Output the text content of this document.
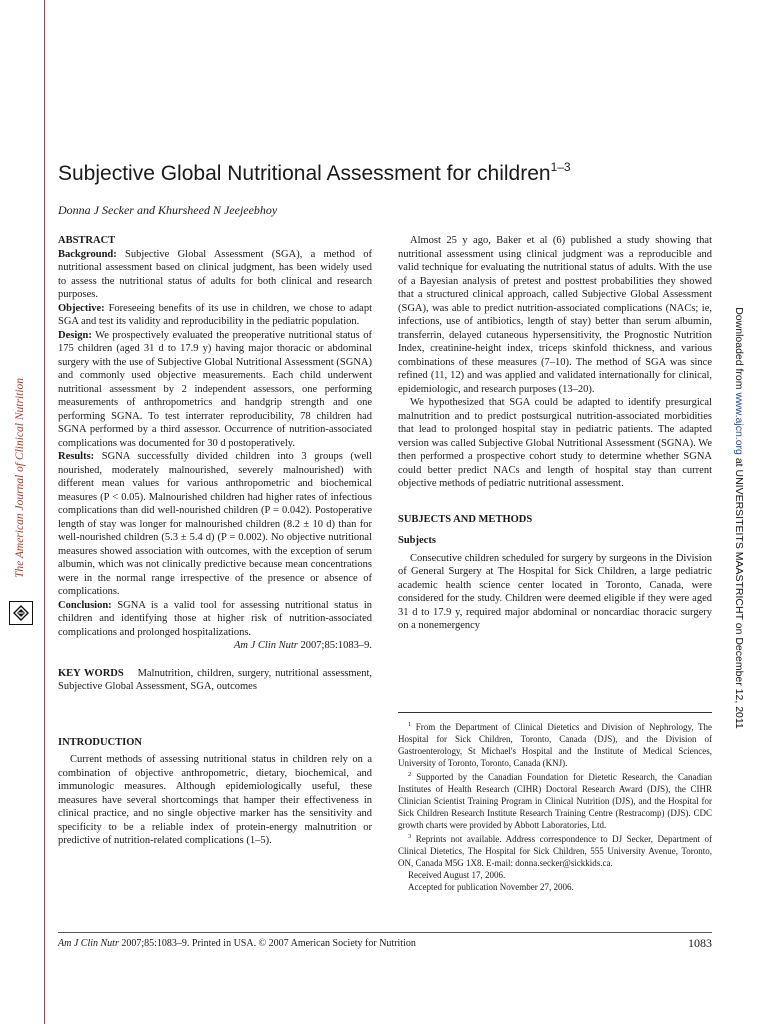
The American Journal of Clinical Nutrition
Downloaded from www.ajcn.org at UNIVERSITEITS MAASTRICHT on December 12, 2011
Subjective Global Nutritional Assessment for children$^{1-3}$
Donna J Secker and Khursheed N Jeejeebhoy

ABSTRACT

Background: Subjective Global Assessment (SGA), a method of nutritional assessment based on clinical judgment, has been widely used to assess the nutritional status of adults for both clinical and research purposes.

Objective: Foreseeing benefits of its use in children, we chose to adapt SGA and test its validity and reproducibility in the pediatric population.

Design: We prospectively evaluated the preoperative nutritional status of 175 children (aged 31 d to 17.9 y) having major thoracic or abdominal surgery with the use of Subjective Global Nutritional Assessment (SGNA) and commonly used objective measurements. Each child underwent nutritional assessment by 2 independent assessors, one performing measurements of anthropometrics and handgrip strength and one performing SGNA. To test interrater reproducibility, 78 children had SGNA performed by a third assessor. Occurrence of nutrition-associated complications was documented for 30 d postoperatively.

Results: SGNA successfully divided children into 3 groups (well nourished, moderately malnourished, severely malnourished) with different mean values for various anthropometric and biochemical measures (P < 0.05). Malnourished children had higher rates of infectious complications than did well-nourished children (P = 0.042). Postoperative length of stay was longer for malnourished children (8.2 ± 10 d) than for well-nourished children (5.3 ± 5.4 d) (P = 0.002). No objective nutritional measures showed association with outcomes, with the exception of serum albumin, which was not clinically predictive because mean concentrations were in the normal range irrespective of the presence or absence of complications.

Conclusion: SGNA is a valid tool for assessing nutritional status in children and identifying those at higher risk of nutrition-associated complications and prolonged hospitalizations.

Am J Clin Nutr 2007;85:1083–9.

KEY WORDS Malnutrition, children, surgery, nutritional assessment, Subjective Global Assessment, SGA, outcomes

INTRODUCTION

Current methods of assessing nutritional status in children rely on a combination of objective anthropometric, dietary, biochemical, and immunologic measures. Although epidemiologically useful, these measures have several shortcomings that hamper their effectiveness in clinical practice, and no single objective marker has the sensitivity and specificity to be a reliable index of protein-energy malnutrition or predictive of nutrition-related complications (1–5).

Almost 25 y ago, Baker et al (6) published a study showing that nutritional assessment using clinical judgment was a reproducible and valid technique for evaluating the nutritional status of adults. With the use of a Bayesian analysis of pretest and posttest probabilities they showed that a structured clinical approach, called Subjective Global Assessment (SGA), was able to predict nutrition-associated complications (NACs; ie, infections, use of antibiotics, length of stay) better than serum albumin, transferrin, delayed cutaneous hypersensitivity, the Prognostic Nutrition Index, creatinine-height index, triceps skinfold thickness, and various combinations of these measures (7–10). The method of SGA was since refined (11, 12) and was applied and validated internationally for clinical, epidemiologic, and research purposes (13–20).

We hypothesized that SGA could be adapted to identify presurgical malnutrition and to predict postsurgical nutrition-associated morbidities that lead to prolonged hospital stay in pediatric patients. The adapted version was called Subjective Global Nutritional Assessment (SGNA). We then performed a prospective cohort study to determine whether SGNA could better predict NACs and length of hospital stay than current objective methods of pediatric nutritional assessment.

SUBJECTS AND METHODS

Subjects

Consecutive children scheduled for surgery by surgeons in the Division of General Surgery at The Hospital for Sick Children, a large pediatric academic health science center located in Toronto, Canada, were considered for the study. Children were deemed eligible if they were aged 31 d to 17.9 y, required major abdominal or noncardiac thoracic surgery on a nonemergency

$^1$ From the Department of Clinical Dietetics and Division of Nephrology, The Hospital for Sick Children, Toronto, Canada (DJS), and the Division of Gastroenterology, St Michael's Hospital and the Institute of Medical Sciences, University of Toronto, Toronto, Canada (KNJ).

$^2$ Supported by the Canadian Foundation for Dietetic Research, the Canadian Institutes of Health Research (CIHR) Doctoral Research Award (DJS), the CIHR Clinician Scientist Training Program in Clinical Nutrition (DJS), and the Hospital for Sick Children Research Institute Research Training Centre (Restracomp) (DJS). CDC growth charts were provided by Abbott Laboratories, Ltd.

$^3$ Reprints not available. Address correspondence to DJ Secker, Department of Clinical Dietetics, The Hospital for Sick Children, 555 University Avenue, Toronto, ON, Canada M5G 1X8. E-mail: donna.secker@sickkids.ca.

Received August 17, 2006.

Accepted for publication November 27, 2006.

Am J Clin Nutr 2007;85:1083–9. Printed in USA. © 2007 American Society for Nutrition	1083
